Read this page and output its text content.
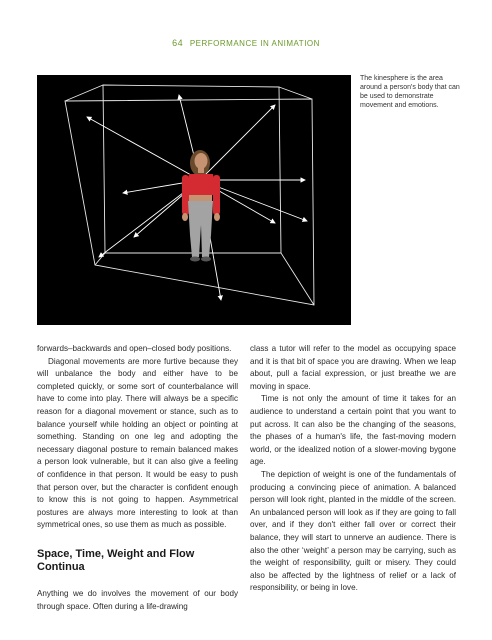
64 PERFORMANCE IN ANIMATION
The kinesphere is the area around a person's body that can be used to demonstrate movement and emotions.

forwards–backwards and open–closed body positions.

Diagonal movements are more furtive because they will unbalance the body and either have to be completed quickly, or some sort of counterbalance will have to come into play. There will always be a specific reason for a diagonal movement or stance, such as to balance yourself while holding an object or pointing at something. Standing on one leg and adopting the necessary diagonal posture to remain balanced makes a person look vulnerable, but it can also give a feeling of confidence in that person. It would be easy to push that person over, but the character is confident enough to know this is not going to happen. Asymmetrical postures are always more interesting to look at than symmetrical ones, so use them as much as possible.

Space, Time, Weight and Flow Continua

Anything we do involves the movement of our body through space. Often during a life-drawing

class a tutor will refer to the model as occupying space and it is that bit of space you are drawing. When we leap about, pull a facial expression, or just breathe we are moving in space.

Time is not only the amount of time it takes for an audience to understand a certain point that you want to put across. It can also be the changing of the seasons, the phases of a human's life, the fast-moving modern world, or the idealized notion of a slower-moving bygone age.

The depiction of weight is one of the fundamentals of producing a convincing piece of animation. A balanced person will look right, planted in the middle of the screen. An unbalanced person will look as if they are going to fall over, and if they don't either fall over or correct their balance, they will start to unnerve an audience. There is also the other ‘weight’ a person may be carrying, such as the weight of responsibility, guilt or misery. They could also be affected by the lightness of relief or a lack of responsibility, or being in love.
